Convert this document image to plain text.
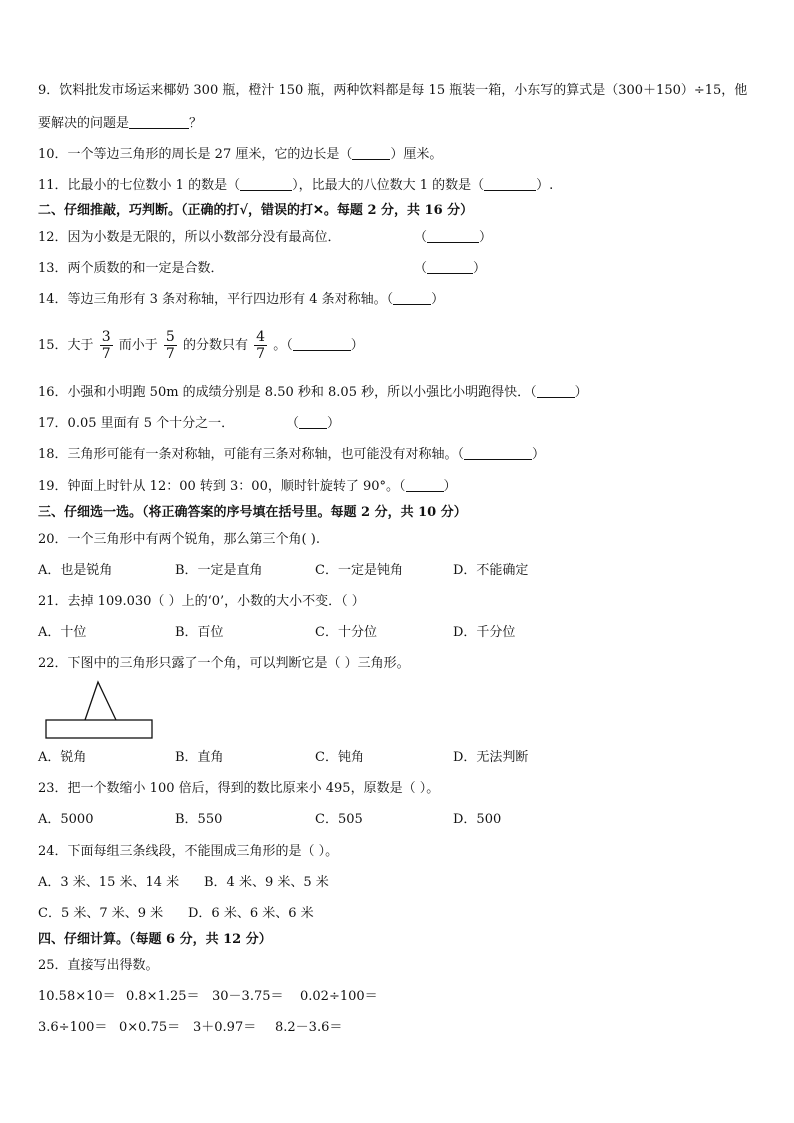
9．饮料批发市场运来椰奶 300 瓶，橙汁 150 瓶，两种饮料都是每 15 瓶装一箱，小东写的算式是（300＋150）÷15，他
要解决的问题是	？
10．一个等边三角形的周长是 27 厘米，它的边长是（	）厘米。
11．比最小的七位数小 1 的数是（	），比最大的八位数大 1 的数是（	）.
二、仔细推敲，巧判断。（正确的打√，错误的打✕。每题 2 分，共 16 分）
12．因为小数是无限的，所以小数部分没有最高位．	（	）
13．两个质数的和一定是合数．	（	）
14．等边三角形有 3 条对称轴，平行四边形有 4 条对称轴。（	）
15．大于 $\frac{3}{7}$ 而小于 $\frac{5}{7}$ 的分数只有 $\frac{4}{7}$ 。（	）
16．小强和小明跑 50m 的成绩分别是 8.50 秒和 8.05 秒，所以小强比小明跑得快．（	）
17．0.05 里面有 5 个十分之一．	（ ）
18．三角形可能有一条对称轴，可能有三条对称轴，也可能没有对称轴。（	）
19．钟面上时针从 12：00 转到 3：00，顺时针旋转了 90°。（	）
三、仔细选一选。（将正确答案的序号填在括号里。每题 2 分，共 10 分）
20．一个三角形中有两个锐角，那么第三个角( ).
A．也是锐角	B．一定是直角	C．一定是钝角	D．不能确定
21．去掉 109.030（ ）上的‘0’，小数的大小不变．（ ）
A．十位	B．百位	C．十分位	D．千分位
22．下图中的三角形只露了一个角，可以判断它是（ ）三角形。
A．锐角	B．直角	C．钝角	D．无法判断
23．把一个数缩小 100 倍后，得到的数比原来小 495，原数是（ ）。
A．5000	B．550	C．505	D．500
24．下面每组三条线段，不能围成三角形的是（ ）。
A．3 米、15 米、14 米 B．4 米、9 米、5 米
C．5 米、7 米、9 米 D．6 米、6 米、6 米
四、仔细计算。（每题 6 分，共 12 分）
25．直接写出得数。
10.58×10＝ 0.8×1.25＝ 30－3.75＝ 0.02÷100＝
3.6÷100＝ 0×0.75＝ 3＋0.97＝ 8.2－3.6＝
